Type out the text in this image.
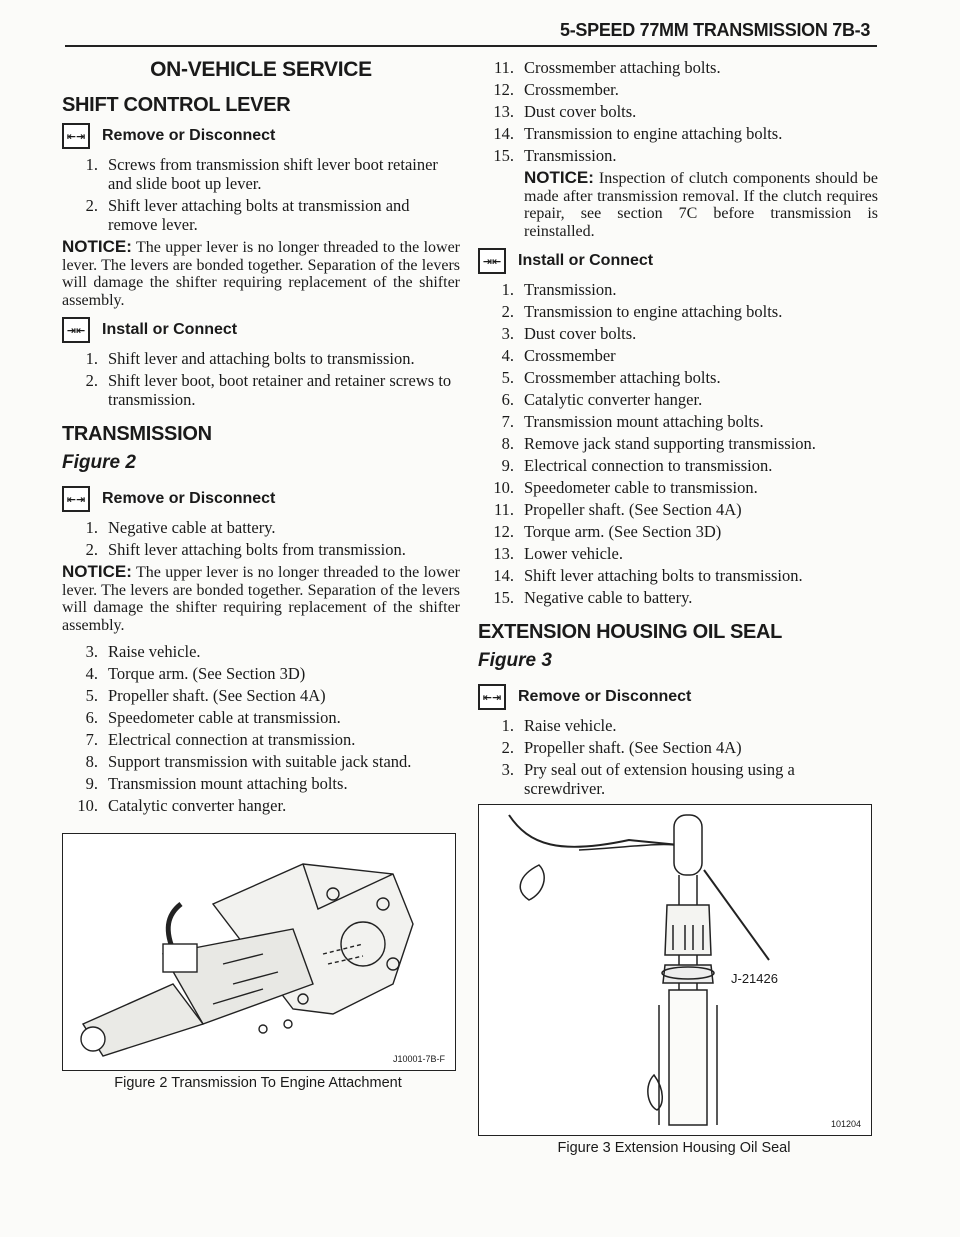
5-SPEED 77MM TRANSMISSION 7B-3
ON-VEHICLE SERVICE
SHIFT CONTROL LEVER
⇤⇥ Remove or Disconnect
1. Screws from transmission shift lever boot retainer and slide boot up lever.
2. Shift lever attaching bolts at transmission and remove lever.
NOTICE: The upper lever is no longer threaded to the lower lever. The levers are bonded together. Separation of the levers will damage the shifter requiring replacement of the shifter assembly.
⇥⇤ Install or Connect
1. Shift lever and attaching bolts to transmission.
2. Shift lever boot, boot retainer and retainer screws to transmission.
TRANSMISSION
Figure 2
⇤⇥ Remove or Disconnect
1. Negative cable at battery.
2. Shift lever attaching bolts from transmission.
NOTICE: The upper lever is no longer threaded to the lower lever. The levers are bonded together. Separation of the levers will damage the shifter requiring replacement of the shifter assembly.
3. Raise vehicle.
4. Torque arm. (See Section 3D)
5. Propeller shaft. (See Section 4A)
6. Speedometer cable at transmission.
7. Electrical connection at transmission.
8. Support transmission with suitable jack stand.
9. Transmission mount attaching bolts.
10. Catalytic converter hanger.
J10001-7B-F
Figure 2 Transmission To Engine Attachment
11. Crossmember attaching bolts.
12. Crossmember.
13. Dust cover bolts.
14. Transmission to engine attaching bolts.
15. Transmission.
NOTICE: Inspection of clutch components should be made after transmission removal. If the clutch requires repair, see section 7C before transmission is reinstalled.
⇥⇤ Install or Connect
1. Transmission.
2. Transmission to engine attaching bolts.
3. Dust cover bolts.
4. Crossmember
5. Crossmember attaching bolts.
6. Catalytic converter hanger.
7. Transmission mount attaching bolts.
8. Remove jack stand supporting transmission.
9. Electrical connection to transmission.
10. Speedometer cable to transmission.
11. Propeller shaft. (See Section 4A)
12. Torque arm. (See Section 3D)
13. Lower vehicle.
14. Shift lever attaching bolts to transmission.
15. Negative cable to battery.
EXTENSION HOUSING OIL SEAL
Figure 3
⇤⇥ Remove or Disconnect
1. Raise vehicle.
2. Propeller shaft. (See Section 4A)
3. Pry seal out of extension housing using a screwdriver.
J-21426
101204
Figure 3 Extension Housing Oil Seal
